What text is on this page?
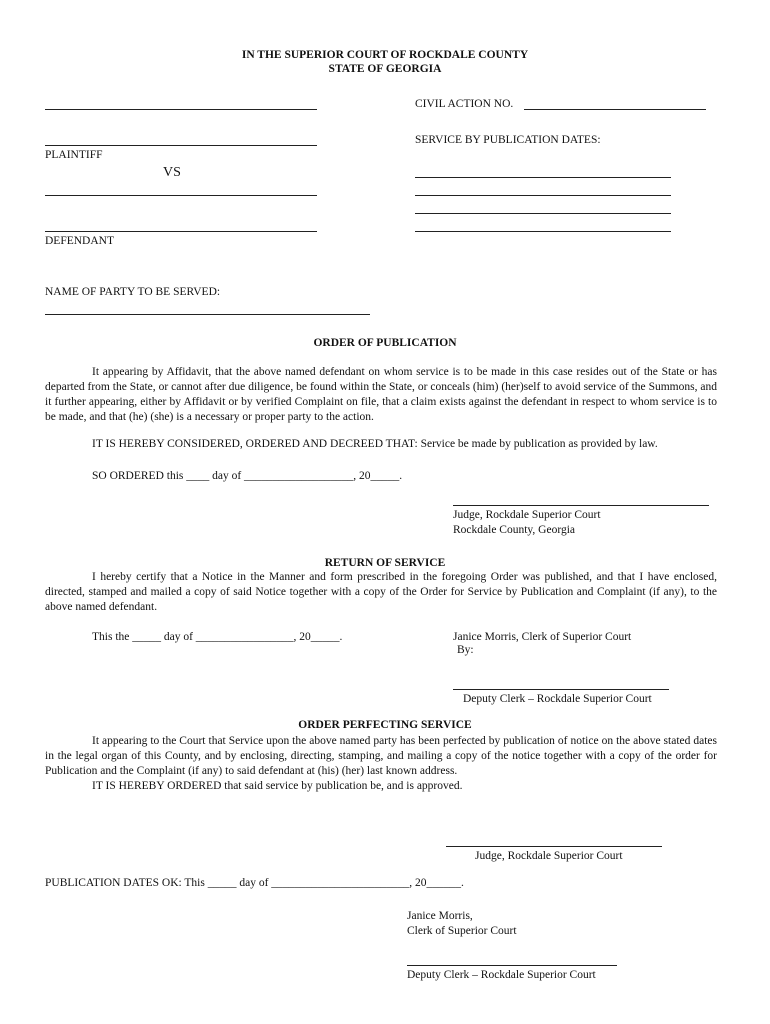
IN THE SUPERIOR COURT OF ROCKDALE COUNTY
STATE OF GEORGIA
PLAINTIFF
VS
DEFENDANT
CIVIL ACTION NO.
SERVICE BY PUBLICATION DATES:
NAME OF PARTY TO BE SERVED:
ORDER OF PUBLICATION

It appearing by Affidavit, that the above named defendant on whom service is to be made in this case resides out of the State or has departed from the State, or cannot after due diligence, be found within the State, or conceals (him) (her)self to avoid service of the Summons, and it further appearing, either by Affidavit or by verified Complaint on file, that a claim exists against the defendant in respect to whom service is to be made, and that (he) (she) is a necessary or proper party to the action.

IT IS HEREBY CONSIDERED, ORDERED AND DECREED THAT: Service be made by publication as provided by law.
SO ORDERED this ____ day of ___________________, 20_____.
Judge, Rockdale Superior Court
Rockdale County, Georgia
RETURN OF SERVICE

I hereby certify that a Notice in the Manner and form prescribed in the foregoing Order was published, and that I have enclosed, directed, stamped and mailed a copy of said Notice together with a copy of the Order for Service by Publication and Complaint (if any), to the above named defendant.

This the _____ day of _________________, 20_____.	Janice Morris, Clerk of Superior Court
By:
Deputy Clerk – Rockdale Superior Court
ORDER PERFECTING SERVICE

It appearing to the Court that Service upon the above named party has been perfected by publication of notice on the above stated dates in the legal organ of this County, and by enclosing, directing, stamping, and mailing a copy of the notice together with a copy of the order for Publication and the Complaint (if any) to said defendant at (his) (her) last known address.

IT IS HEREBY ORDERED that said service by publication be, and is approved.

Judge, Rockdale Superior Court
PUBLICATION DATES OK: This _____ day of ________________________, 20______.
Janice Morris,
Clerk of Superior Court
Deputy Clerk – Rockdale Superior Court
